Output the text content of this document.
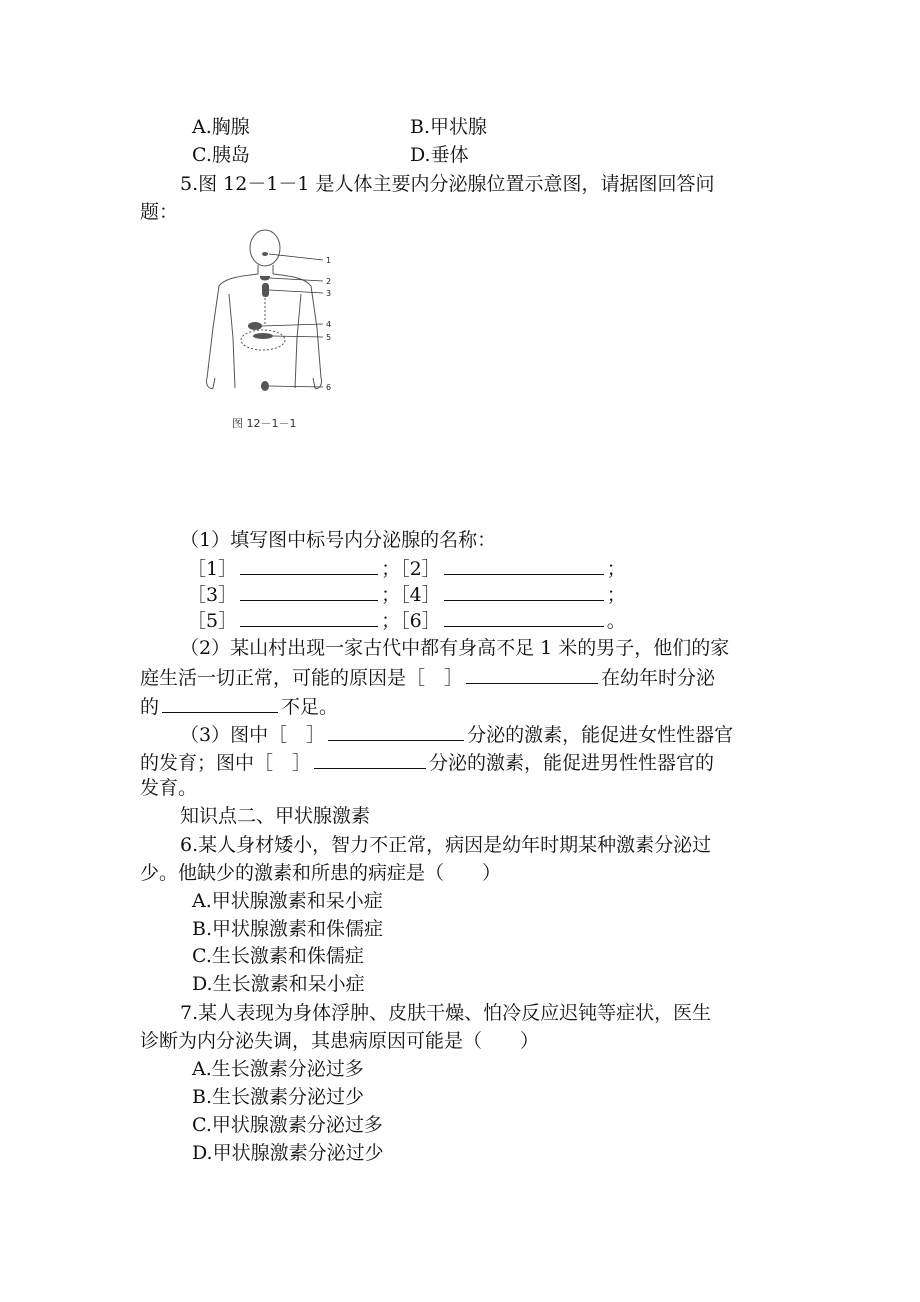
A.胸腺	B.甲状腺
C.胰岛	D.垂体
5.图 12－1－1 是人体主要内分泌腺位置示意图，请据图回答问
题：
1
2
3
4
5
6
图 12－1－1
（1）填写图中标号内分泌腺的名称：
［1］	；［2］	；
［3］	；［4］	；
［5］	；［6］	。
（2）某山村出现一家古代中都有身高不足 1 米的男子，他们的家
庭生活一切正常，可能的原因是［　］	在幼年时分泌
的	不足。
（3）图中［　］	分泌的激素，能促进女性性器官
的发育；图中［　］	分泌的激素，能促进男性性器官的
发育。
知识点二、甲状腺激素
6.某人身材矮小，智力不正常，病因是幼年时期某种激素分泌过
少。他缺少的激素和所患的病症是（　　）
A.甲状腺激素和呆小症
B.甲状腺激素和侏儒症
C.生长激素和侏儒症
D.生长激素和呆小症
7.某人表现为身体浮肿、皮肤干燥、怕冷反应迟钝等症状，医生
诊断为内分泌失调，其患病原因可能是（　　）
A.生长激素分泌过多
B.生长激素分泌过少
C.甲状腺激素分泌过多
D.甲状腺激素分泌过少
